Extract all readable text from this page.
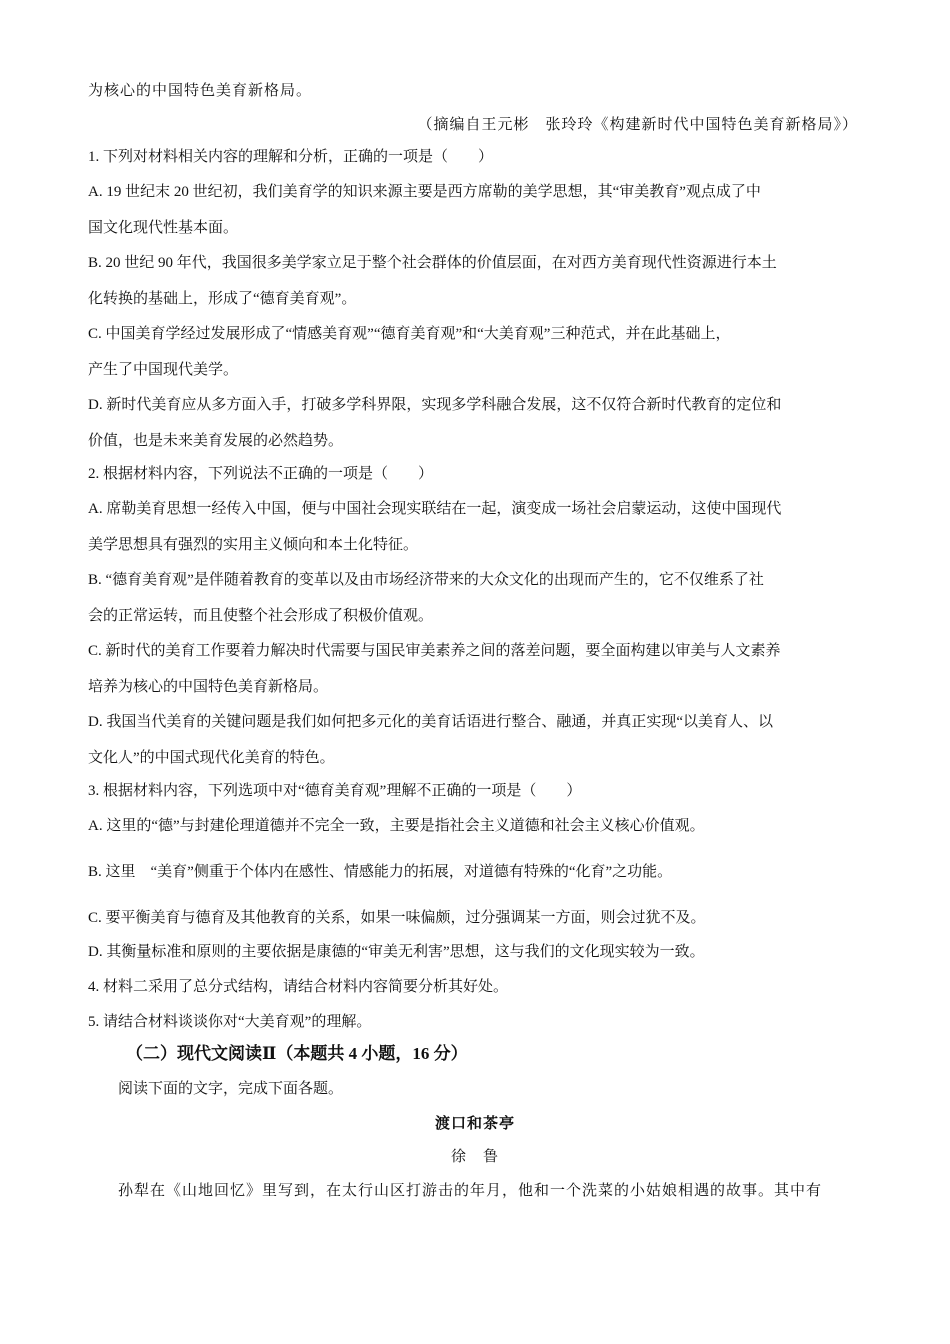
为核心的中国特色美育新格局。
（摘编自王元彬　张玲玲《构建新时代中国特色美育新格局》）
1. 下列对材料相关内容的理解和分析，正确的一项是（　　）
A. 19 世纪末 20 世纪初，我们美育学的知识来源主要是西方席勒的美学思想，其“审美教育”观点成了中
国文化现代性基本面。
B. 20 世纪 90 年代，我国很多美学家立足于整个社会群体的价值层面，在对西方美育现代性资源进行本土
化转换的基础上，形成了“德育美育观”。
C. 中国美育学经过发展形成了“情感美育观”“德育美育观”和“大美育观”三种范式，并在此基础上，
产生了中国现代美学。
D. 新时代美育应从多方面入手，打破多学科界限，实现多学科融合发展，这不仅符合新时代教育的定位和
价值，也是未来美育发展的必然趋势。
2. 根据材料内容，下列说法不正确的一项是（　　）
A. 席勒美育思想一经传入中国，便与中国社会现实联结在一起，演变成一场社会启蒙运动，这使中国现代
美学思想具有强烈的实用主义倾向和本土化特征。
B. “德育美育观”是伴随着教育的变革以及由市场经济带来的大众文化的出现而产生的，它不仅维系了社
会的正常运转，而且使整个社会形成了积极价值观。
C. 新时代的美育工作要着力解决时代需要与国民审美素养之间的落差问题，要全面构建以审美与人文素养
培养为核心的中国特色美育新格局。
D. 我国当代美育的关键问题是我们如何把多元化的美育话语进行整合、融通，并真正实现“以美育人、以
文化人”的中国式现代化美育的特色。
3. 根据材料内容，下列选项中对“德育美育观”理解不正确的一项是（　　）
A. 这里的“德”与封建伦理道德并不完全一致，主要是指社会主义道德和社会主义核心价值观。
B. 这里　“美育”侧重于个体内在感性、情感能力的拓展，对道德有特殊的“化育”之功能。
C. 要平衡美育与德育及其他教育的关系，如果一味偏颇，过分强调某一方面，则会过犹不及。
D. 其衡量标准和原则的主要依据是康德的“审美无利害”思想，这与我们的文化现实较为一致。
4. 材料二采用了总分式结构，请结合材料内容简要分析其好处。
5. 请结合材料谈谈你对“大美育观”的理解。
（二）现代文阅读Ⅱ（本题共 4 小题，16 分）
阅读下面的文字，完成下面各题。
渡口和茶亭
徐　鲁
孙犁在《山地回忆》里写到，在太行山区打游击的年月，他和一个洗菜的小姑娘相遇的故事。其中有
